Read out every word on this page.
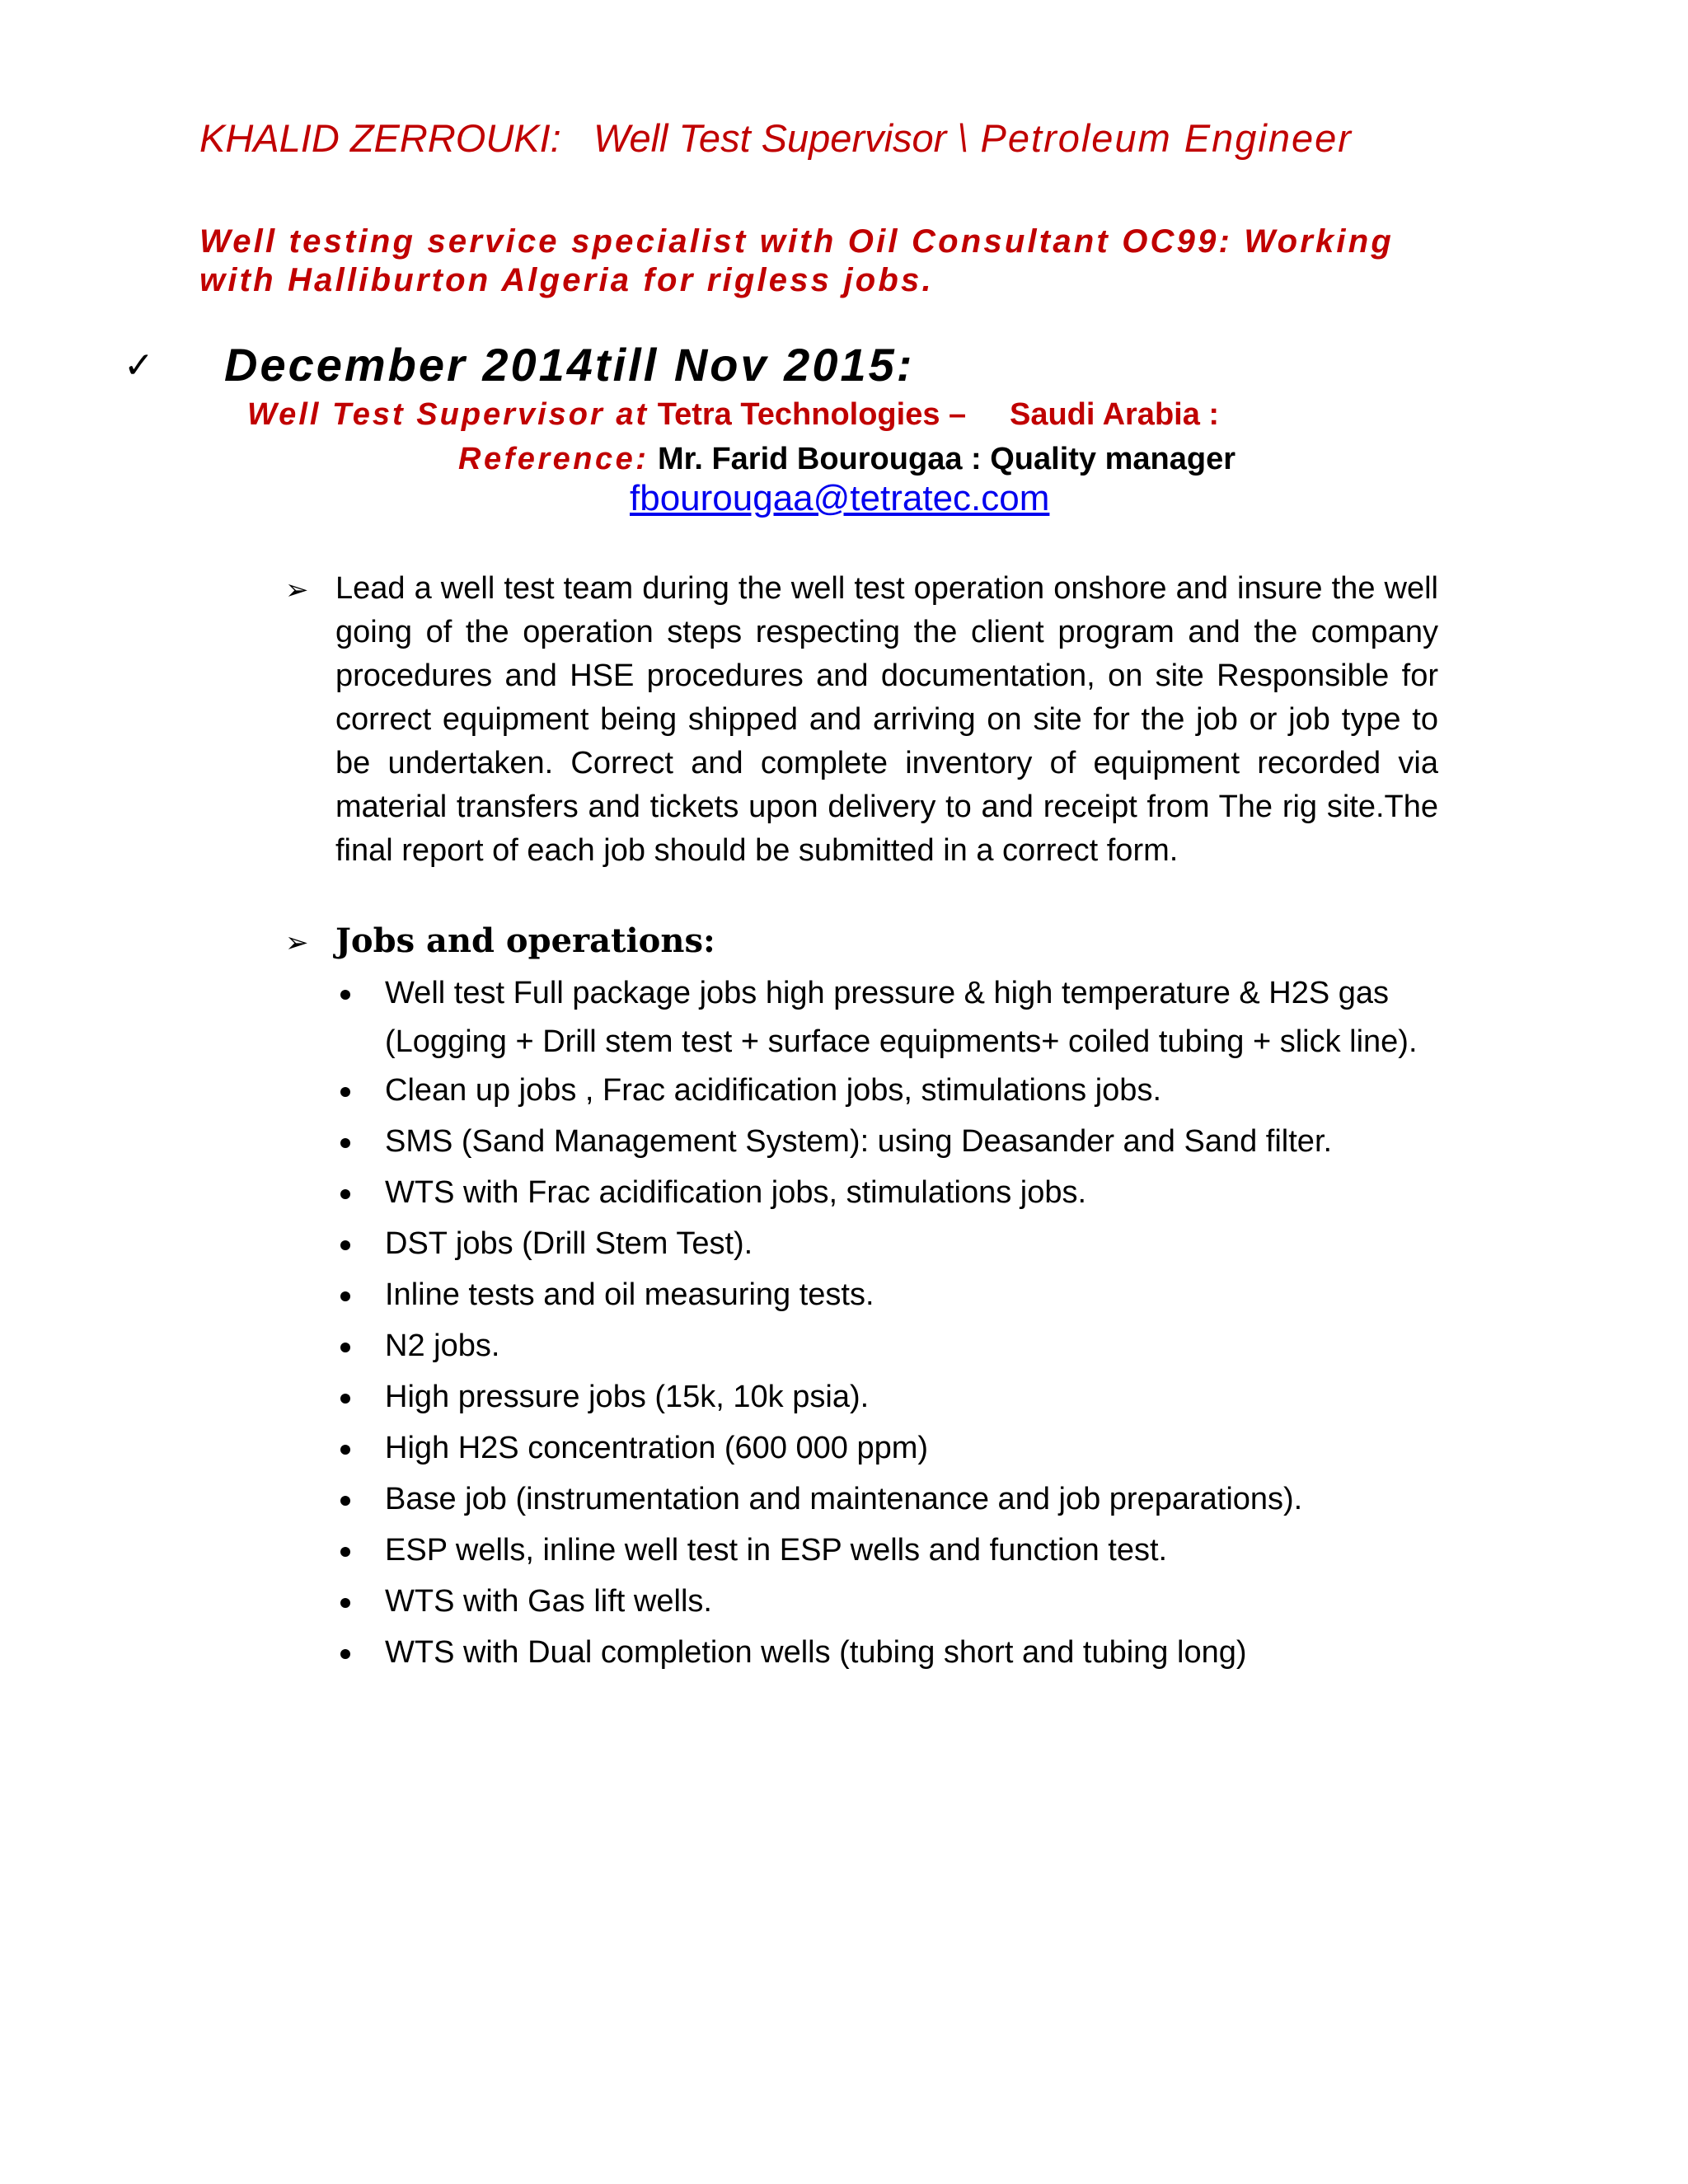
KHALID ZERROUKI: Well Test Supervisor \ Petroleum Engineer
Well testing service specialist with Oil Consultant OC99: Working with Halliburton Algeria for rigless jobs.
✓ December 2014till Nov 2015:
Well Test Supervisor at Tetra Technologies – Saudi Arabia :
Reference: Mr. Farid Bourougaa : Quality manager
fbourougaa@tetratec.com
➢ Lead a well test team during the well test operation onshore and insure the well going of the operation steps respecting the client program and the company procedures and HSE procedures and documentation, on site Responsible for correct equipment being shipped and arriving on site for the job or job type to be undertaken. Correct and complete inventory of equipment recorded via material transfers and tickets upon delivery to and receipt from The rig site.The final report of each job should be submitted in a correct form.
➢ Jobs and operations:
Well test Full package jobs high pressure & high temperature & H2S gas (Logging + Drill stem test + surface equipments+ coiled tubing + slick line).
Clean up jobs , Frac acidification jobs, stimulations jobs.
SMS (Sand Management System): using Deasander and Sand filter.
WTS with Frac acidification jobs, stimulations jobs.
DST jobs (Drill Stem Test).
Inline tests and oil measuring tests.
N2 jobs.
High pressure jobs (15k, 10k psia).
High H2S concentration (600 000 ppm)
Base job (instrumentation and maintenance and job preparations).
ESP wells, inline well test in ESP wells and function test.
WTS with Gas lift wells.
WTS with Dual completion wells (tubing short and tubing long)
